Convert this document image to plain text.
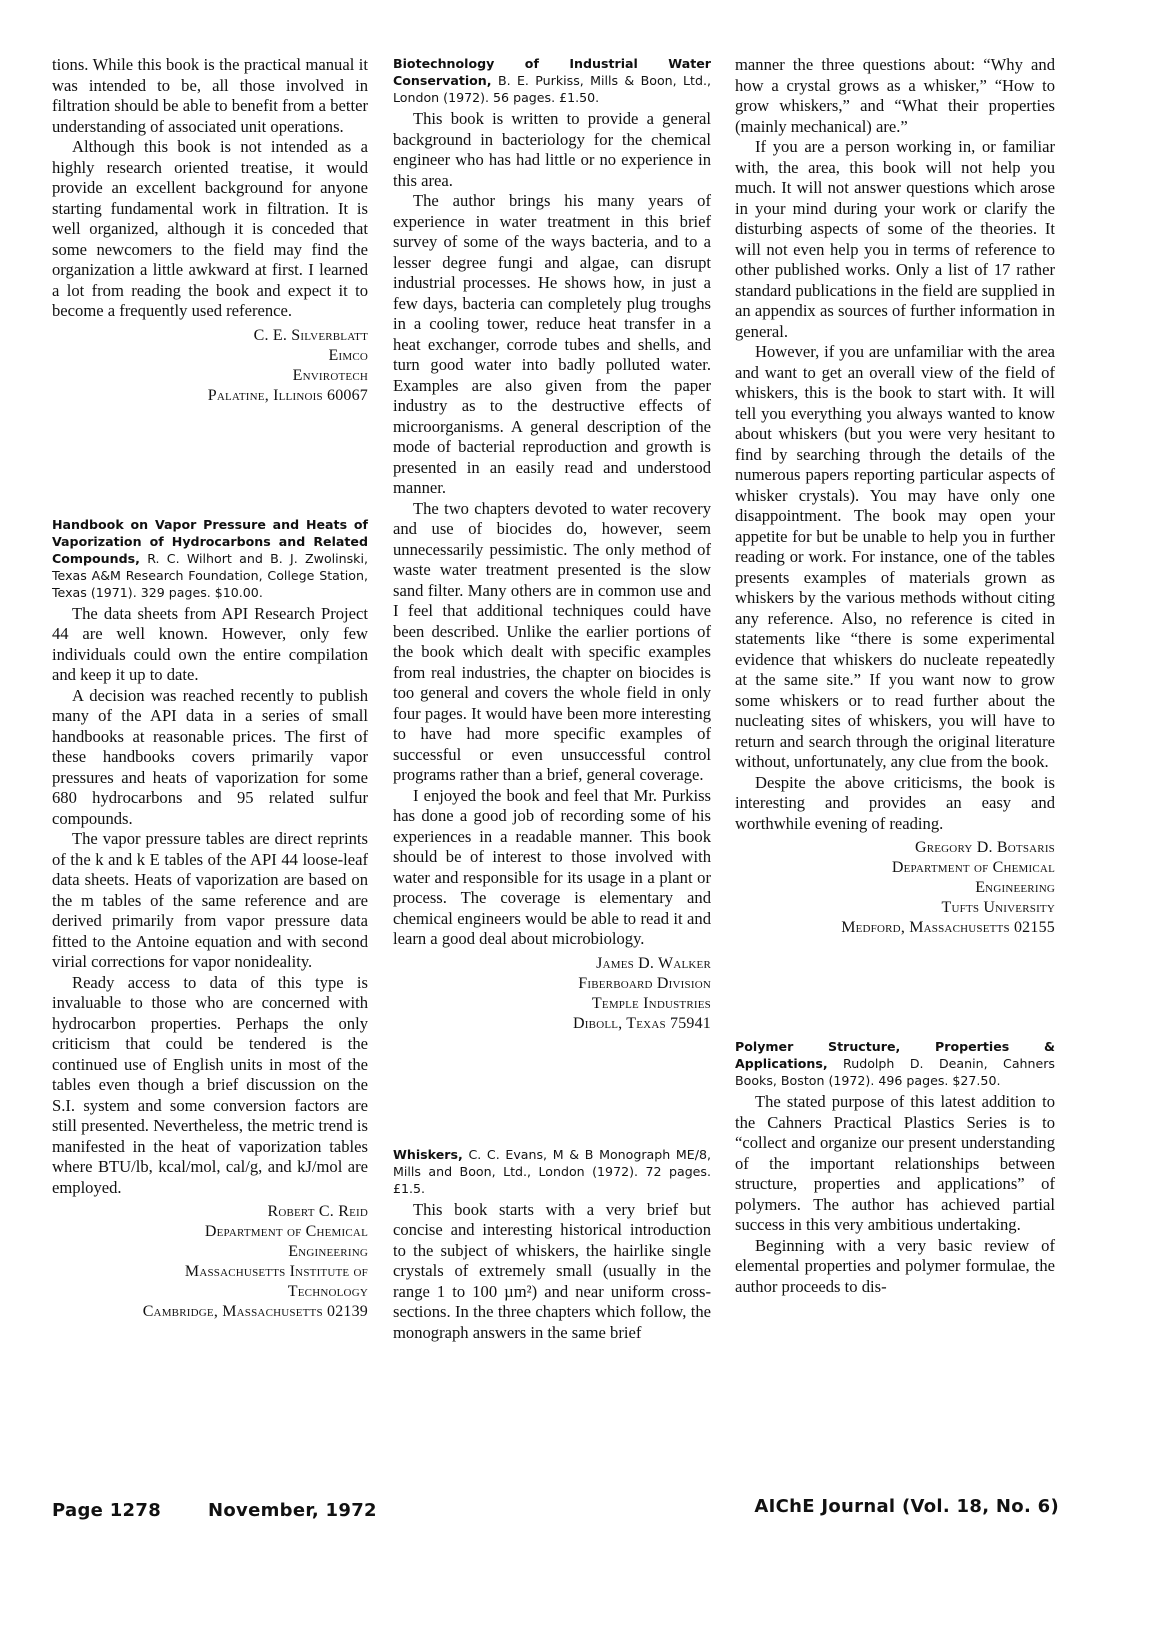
tions. While this book is the practical manual it was intended to be, all those involved in filtration should be able to benefit from a better understanding of associated unit operations.

Although this book is not intended as a highly research oriented treatise, it would provide an excellent background for anyone starting fundamental work in filtration. It is well organized, although it is conceded that some newcomers to the field may find the organization a little awkward at first. I learned a lot from reading the book and expect it to become a frequently used reference.

C. E. Silverblatt
Eimco
Envirotech
Palatine, Illinois 60067
Handbook on Vapor Pressure and Heats of Vaporization of Hydrocarbons and Related Compounds, R. C. Wilhort and B. J. Zwolinski, Texas A&M Research Foundation, College Station, Texas (1971). 329 pages. $10.00.

The data sheets from API Research Project 44 are well known. However, only few individuals could own the entire compilation and keep it up to date.

A decision was reached recently to publish many of the API data in a series of small handbooks at reasonable prices. The first of these handbooks covers primarily vapor pressures and heats of vaporization for some 680 hydrocarbons and 95 related sulfur compounds.

The vapor pressure tables are direct reprints of the k and k E tables of the API 44 loose-leaf data sheets. Heats of vaporization are based on the m tables of the same reference and are derived primarily from vapor pressure data fitted to the Antoine equation and with second virial corrections for vapor nonideality.

Ready access to data of this type is invaluable to those who are concerned with hydrocarbon properties. Perhaps the only criticism that could be tendered is the continued use of English units in most of the tables even though a brief discussion on the S.I. system and some conversion factors are still presented. Nevertheless, the metric trend is manifested in the heat of vaporization tables where BTU/lb, kcal/mol, cal/g, and kJ/mol are employed.

Robert C. Reid
Department of Chemical
Engineering
Massachusetts Institute of
Technology
Cambridge, Massachusetts 02139
Biotechnology of Industrial Water Conservation, B. E. Purkiss, Mills & Boon, Ltd., London (1972). 56 pages. £1.50.

This book is written to provide a general background in bacteriology for the chemical engineer who has had little or no experience in this area.

The author brings his many years of experience in water treatment in this brief survey of some of the ways bacteria, and to a lesser degree fungi and algae, can disrupt industrial processes. He shows how, in just a few days, bacteria can completely plug troughs in a cooling tower, reduce heat transfer in a heat exchanger, corrode tubes and shells, and turn good water into badly polluted water. Examples are also given from the paper industry as to the destructive effects of microorganisms. A general description of the mode of bacterial reproduction and growth is presented in an easily read and understood manner.

The two chapters devoted to water recovery and use of biocides do, however, seem unnecessarily pessimistic. The only method of waste water treatment presented is the slow sand filter. Many others are in common use and I feel that additional techniques could have been described. Unlike the earlier portions of the book which dealt with specific examples from real industries, the chapter on biocides is too general and covers the whole field in only four pages. It would have been more interesting to have had more specific examples of successful or even unsuccessful control programs rather than a brief, general coverage.

I enjoyed the book and feel that Mr. Purkiss has done a good job of recording some of his experiences in a readable manner. This book should be of interest to those involved with water and responsible for its usage in a plant or process. The coverage is elementary and chemical engineers would be able to read it and learn a good deal about microbiology.

James D. Walker
Fiberboard Division
Temple Industries
Diboll, Texas 75941
Whiskers, C. C. Evans, M & B Monograph ME/8, Mills and Boon, Ltd., London (1972). 72 pages. £1.5.

This book starts with a very brief but concise and interesting historical introduction to the subject of whiskers, the hairlike single crystals of extremely small (usually in the range 1 to 100 µm²) and near uniform cross-sections. In the three chapters which follow, the monograph answers in the same brief

manner the three questions about: “Why and how a crystal grows as a whisker,” “How to grow whiskers,” and “What their properties (mainly mechanical) are.”

If you are a person working in, or familiar with, the area, this book will not help you much. It will not answer questions which arose in your mind during your work or clarify the disturbing aspects of some of the theories. It will not even help you in terms of reference to other published works. Only a list of 17 rather standard publications in the field are supplied in an appendix as sources of further information in general.

However, if you are unfamiliar with the area and want to get an overall view of the field of whiskers, this is the book to start with. It will tell you everything you always wanted to know about whiskers (but you were very hesitant to find by searching through the details of the numerous papers reporting particular aspects of whisker crystals). You may have only one disappointment. The book may open your appetite for but be unable to help you in further reading or work. For instance, one of the tables presents examples of materials grown as whiskers by the various methods without citing any reference. Also, no reference is cited in statements like “there is some experimental evidence that whiskers do nucleate repeatedly at the same site.” If you want now to grow some whiskers or to read further about the nucleating sites of whiskers, you will have to return and search through the original literature without, unfortunately, any clue from the book.

Despite the above criticisms, the book is interesting and provides an easy and worthwhile evening of reading.

Gregory D. Botsaris
Department of Chemical
Engineering
Tufts University
Medford, Massachusetts 02155
Polymer Structure, Properties & Applications, Rudolph D. Deanin, Cahners Books, Boston (1972). 496 pages. $27.50.

The stated purpose of this latest addition to the Cahners Practical Plastics Series is to “collect and organize our present understanding of the important relationships between structure, properties and applications” of polymers. The author has achieved partial success in this very ambitious undertaking.

Beginning with a very basic review of elemental properties and polymer formulae, the author proceeds to dis-

Page 1278	November, 1972	AIChE Journal (Vol. 18, No. 6)
